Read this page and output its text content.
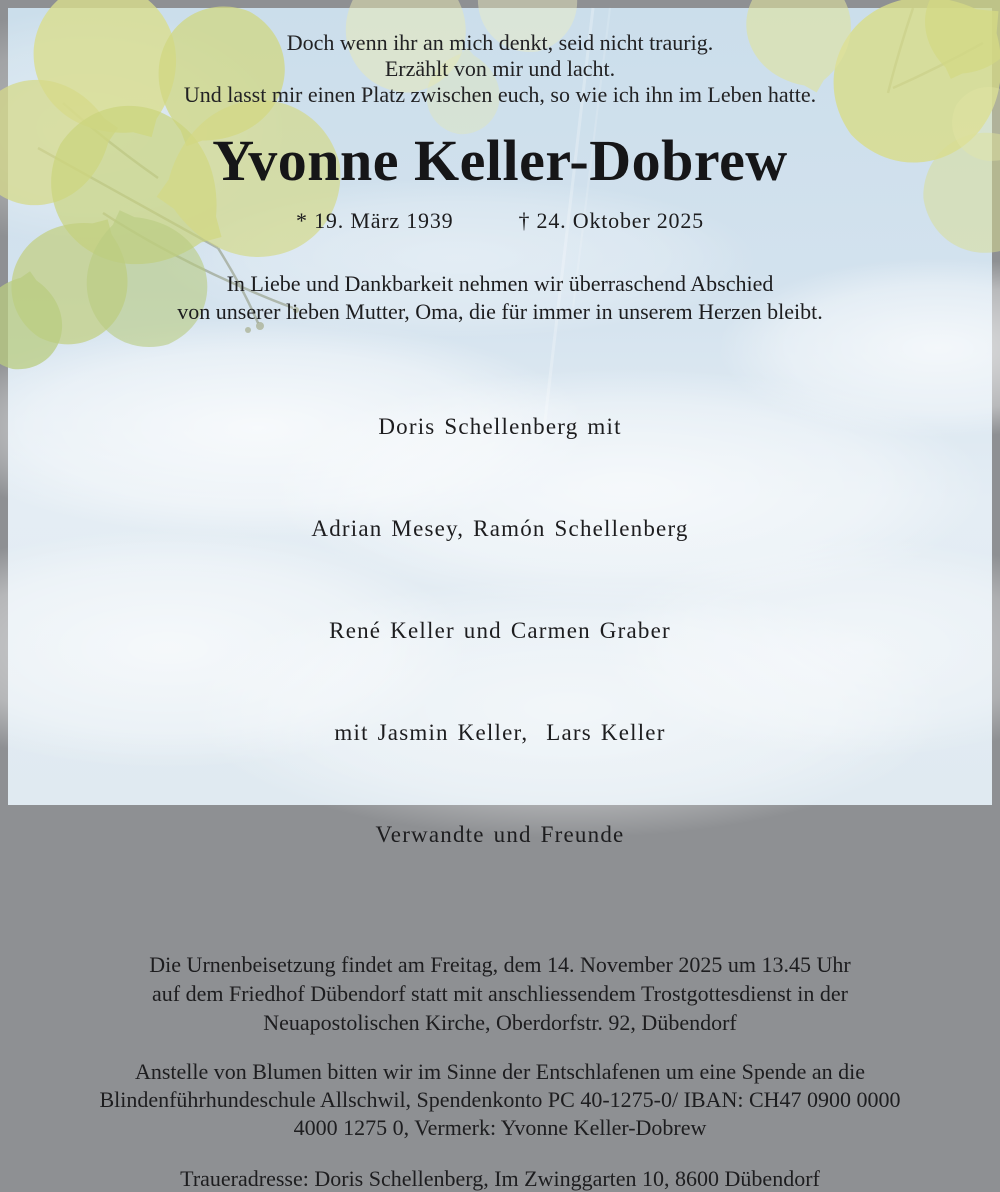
Doch wenn ihr an mich denkt, seid nicht traurig.
Erzählt von mir und lacht.
Und lasst mir einen Platz zwischen euch, so wie ich ihn im Leben hatte.
Yvonne Keller-Dobrew
* 19. März 1939	† 24. Oktober 2025
In Liebe und Dankbarkeit nehmen wir überraschend Abschied
von unserer lieben Mutter, Oma, die für immer in unserem Herzen bleibt.

Doris Schellenberg mit

Adrian Mesey, Ramón Schellenberg

René Keller und Carmen Graber

mit Jasmin Keller,  Lars Keller

Verwandte und Freunde

Die Urnenbeisetzung findet am Freitag, dem 14. November 2025 um 13.45 Uhr
auf dem Friedhof Dübendorf statt mit anschliessendem Trostgottesdienst in der
Neuapostolischen Kirche, Oberdorfstr. 92, Dübendorf
Anstelle von Blumen bitten wir im Sinne der Entschlafenen um eine Spende an die
Blindenführhundeschule Allschwil, Spendenkonto PC 40-1275-0/ IBAN: CH47 0900 0000
4000 1275 0, Vermerk: Yvonne Keller-Dobrew
Traueradresse: Doris Schellenberg, Im Zwinggarten 10, 8600 Dübendorf
